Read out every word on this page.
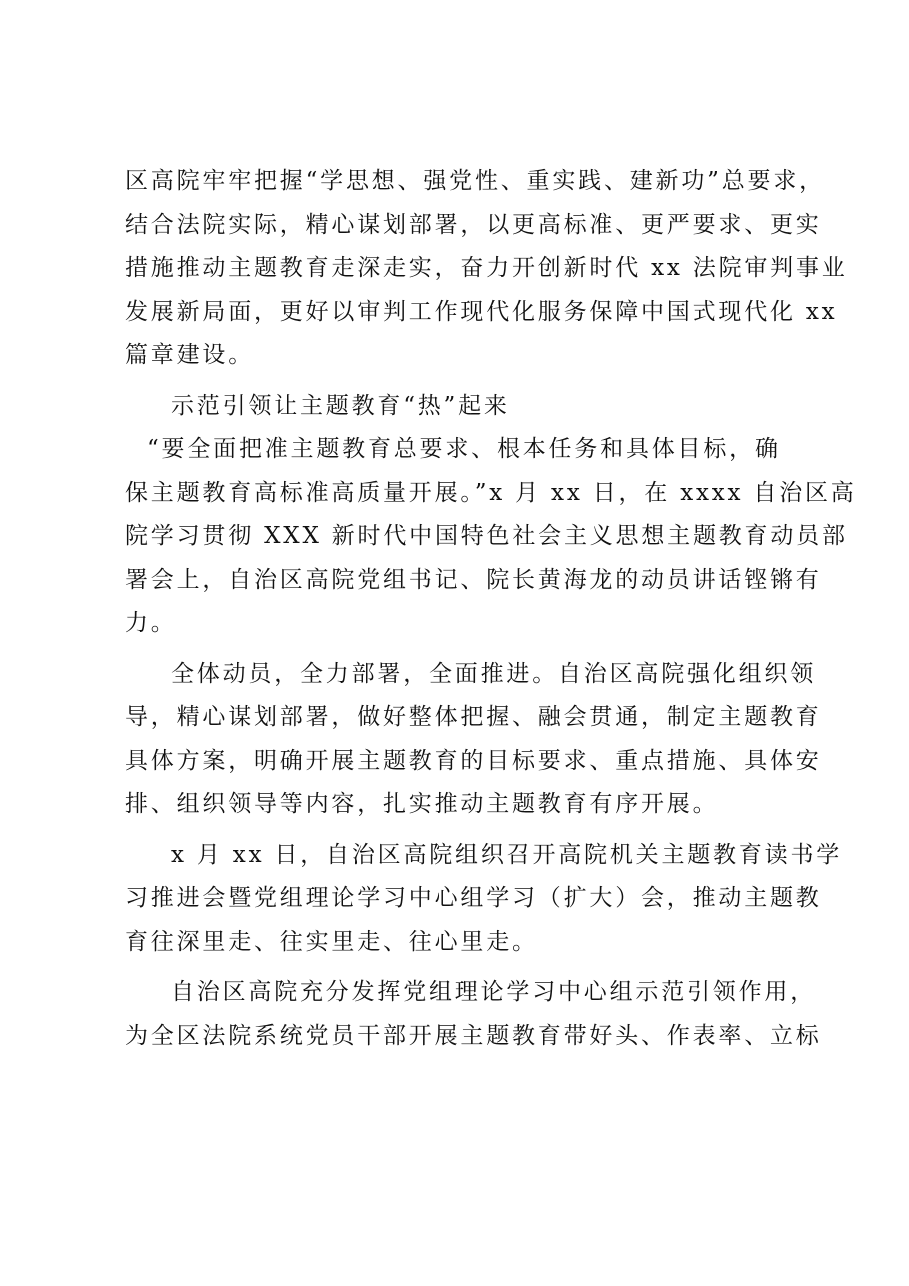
区高院牢牢把握“学思想、强党性、重实践、建新功”总要求，
结合法院实际，精心谋划部署，以更高标准、更严要求、更实
措施推动主题教育走深走实，奋力开创新时代 xx 法院审判事业
发展新局面，更好以审判工作现代化服务保障中国式现代化 xx
篇章建设。
示范引领让主题教育“热”起来
“要全面把准主题教育总要求、根本任务和具体目标，确
保主题教育高标准高质量开展。”x 月 xx 日，在 xxxx 自治区高
院学习贯彻 XXX 新时代中国特色社会主义思想主题教育动员部
署会上，自治区高院党组书记、院长黄海龙的动员讲话铿锵有
力。
全体动员，全力部署，全面推进。自治区高院强化组织领
导，精心谋划部署，做好整体把握、融会贯通，制定主题教育
具体方案，明确开展主题教育的目标要求、重点措施、具体安
排、组织领导等内容，扎实推动主题教育有序开展。
x 月 xx 日，自治区高院组织召开高院机关主题教育读书学
习推进会暨党组理论学习中心组学习（扩大）会，推动主题教
育往深里走、往实里走、往心里走。
自治区高院充分发挥党组理论学习中心组示范引领作用，
为全区法院系统党员干部开展主题教育带好头、作表率、立标
